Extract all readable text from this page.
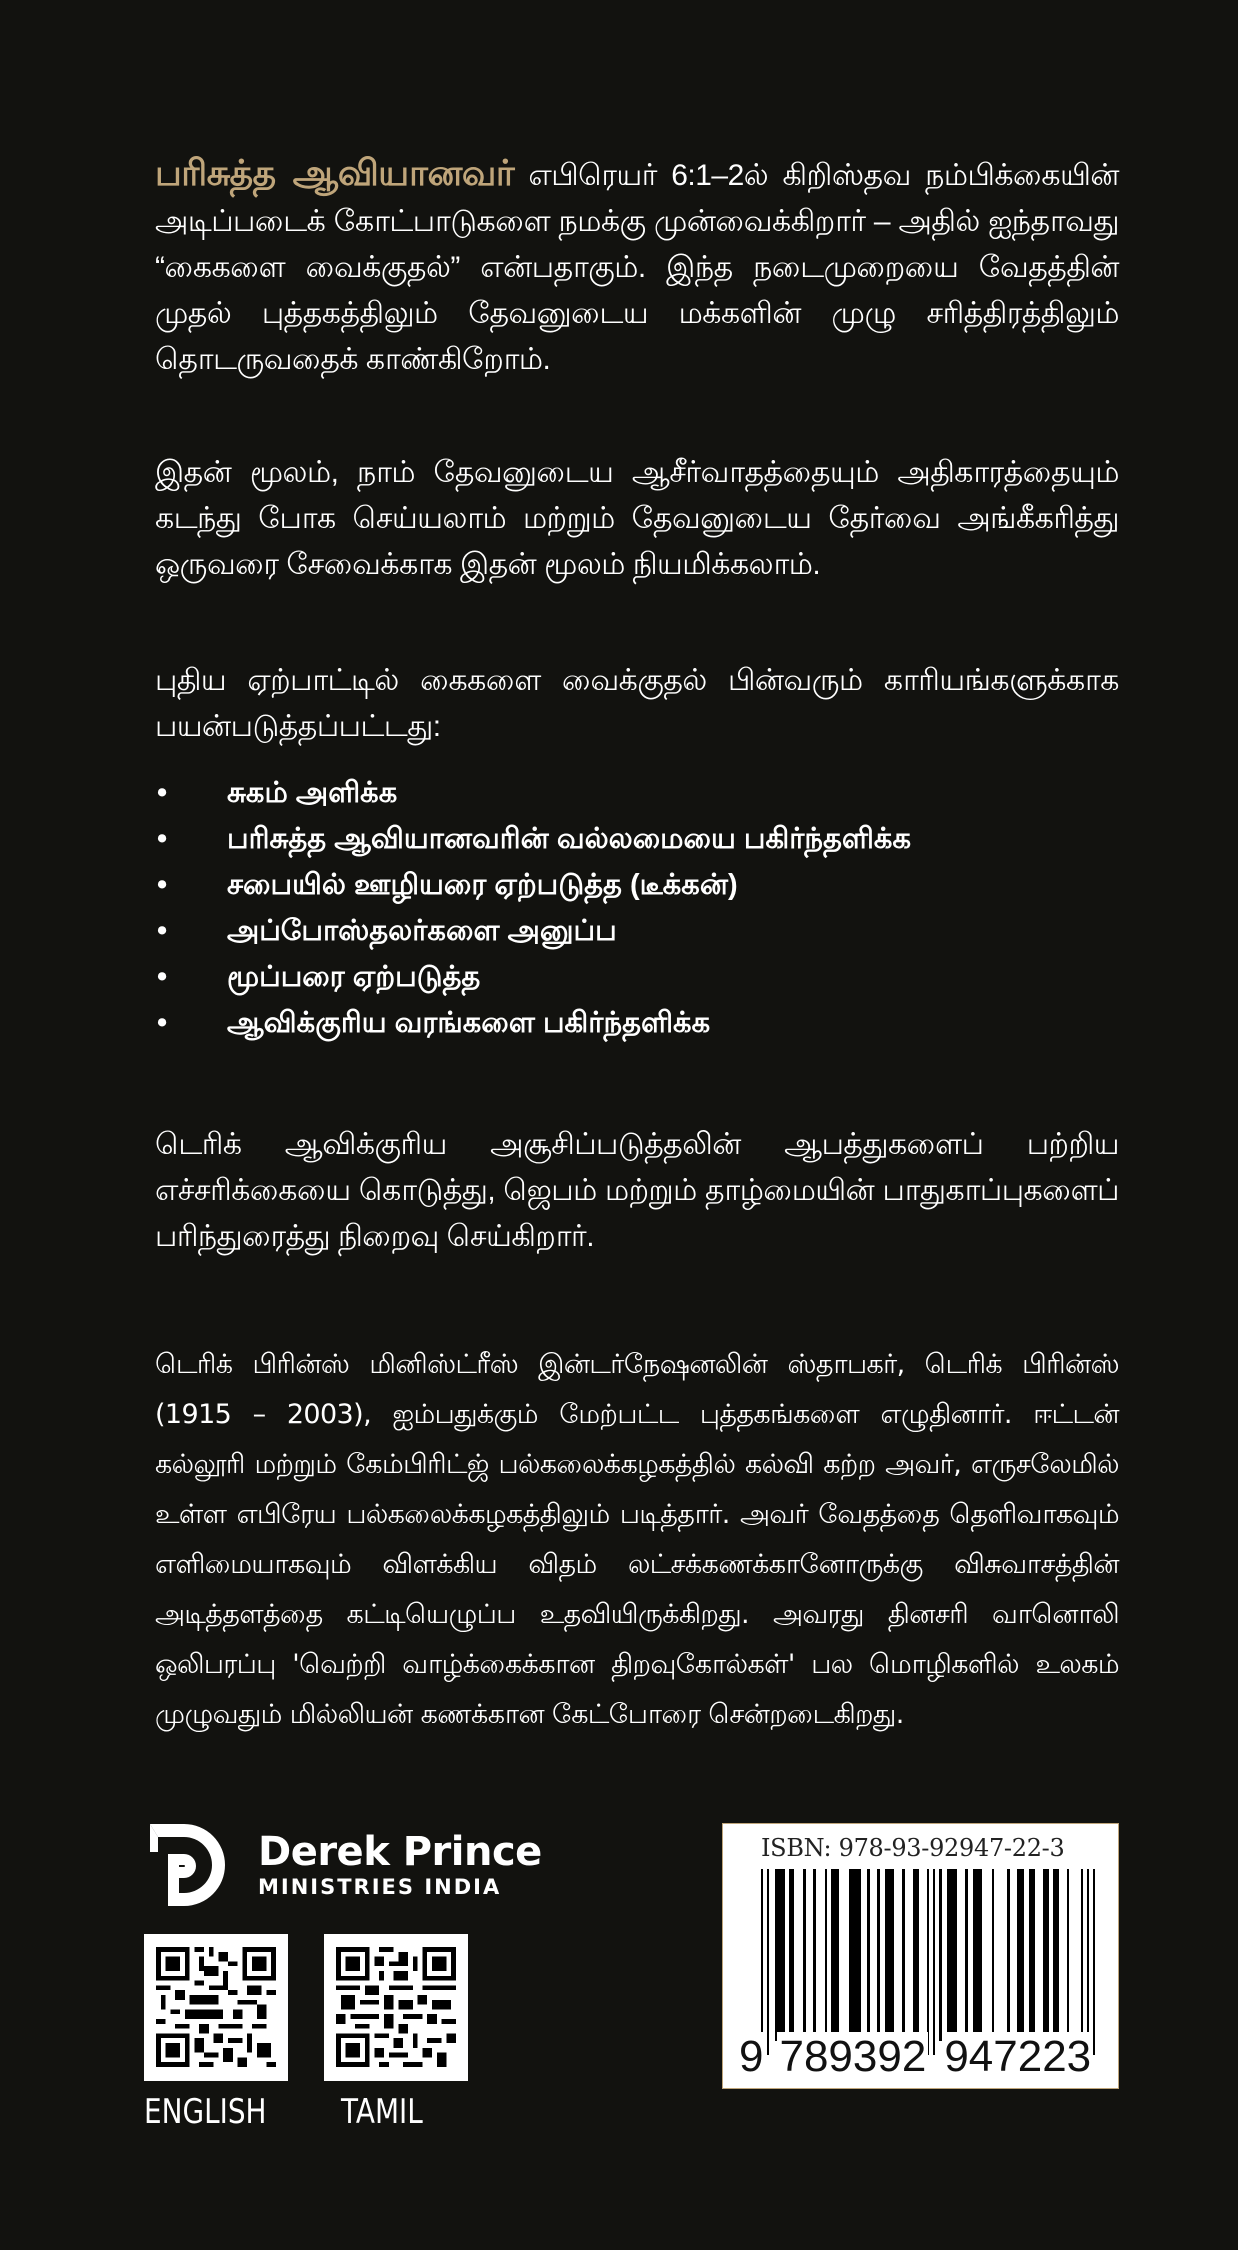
பரிசுத்த ஆவியானவர் எபிரெயர் 6:1–2ல் கிறிஸ்தவ நம்பிக்கையின் அடிப்படைக் கோட்பாடுகளை நமக்கு முன்வைக்கிறார் – அதில் ஐந்தாவது “கைகளை வைக்குதல்” என்பதாகும். இந்த நடைமுறையை வேதத்தின் முதல் புத்தகத்திலும் தேவனுடைய மக்களின் முழு சரித்திரத்திலும் தொடருவதைக் காண்கிறோம்.
இதன் மூலம், நாம் தேவனுடைய ஆசீர்வாதத்தையும் அதிகாரத்தையும் கடந்து போக செய்யலாம் மற்றும் தேவனுடைய தேர்வை அங்கீகரித்து ஒருவரை சேவைக்காக இதன் மூலம் நியமிக்கலாம்.
புதிய ஏற்பாட்டில் கைகளை வைக்குதல் பின்வரும் காரியங்களுக்காக பயன்படுத்தப்பட்டது:
• சுகம் அளிக்க
• பரிசுத்த ஆவியானவரின் வல்லமையை பகிர்ந்தளிக்க
• சபையில் ஊழியரை ஏற்படுத்த (டீக்கன்)
• அப்போஸ்தலர்களை அனுப்ப
• மூப்பரை ஏற்படுத்த
• ஆவிக்குரிய வரங்களை பகிர்ந்தளிக்க
டெரிக் ஆவிக்குரிய அசூசிப்படுத்தலின் ஆபத்துகளைப் பற்றிய எச்சரிக்கையை கொடுத்து, ஜெபம் மற்றும் தாழ்மையின் பாதுகாப்புகளைப் பரிந்துரைத்து நிறைவு செய்கிறார்.
டெரிக் பிரின்ஸ் மினிஸ்ட்ரீஸ் இன்டர்நேஷனலின் ஸ்தாபகர், டெரிக் பிரின்ஸ் (1915 – 2003), ஐம்பதுக்கும் மேற்பட்ட புத்தகங்களை எழுதினார். ஈட்டன் கல்லூரி மற்றும் கேம்பிரிட்ஜ் பல்கலைக்கழகத்தில் கல்வி கற்ற அவர், எருசலேமில் உள்ள எபிரேய பல்கலைக்கழகத்திலும் படித்தார். அவர் வேதத்தை தெளிவாகவும் எளிமையாகவும் விளக்கிய விதம் லட்சக்கணக்கானோருக்கு விசுவாசத்தின் அடித்தளத்தை கட்டியெழுப்ப உதவியிருக்கிறது. அவரது தினசரி வானொலி ஒலிபரப்பு 'வெற்றி வாழ்க்கைக்கான திறவுகோல்கள்' பல மொழிகளில் உலகம் முழுவதும் மில்லியன் கணக்கான கேட்போரை சென்றடைகிறது.
Derek Prince
MINISTRIES INDIA
ENGLISH TAMIL
ISBN: 978-93-92947-22-3
9 789392 947223
